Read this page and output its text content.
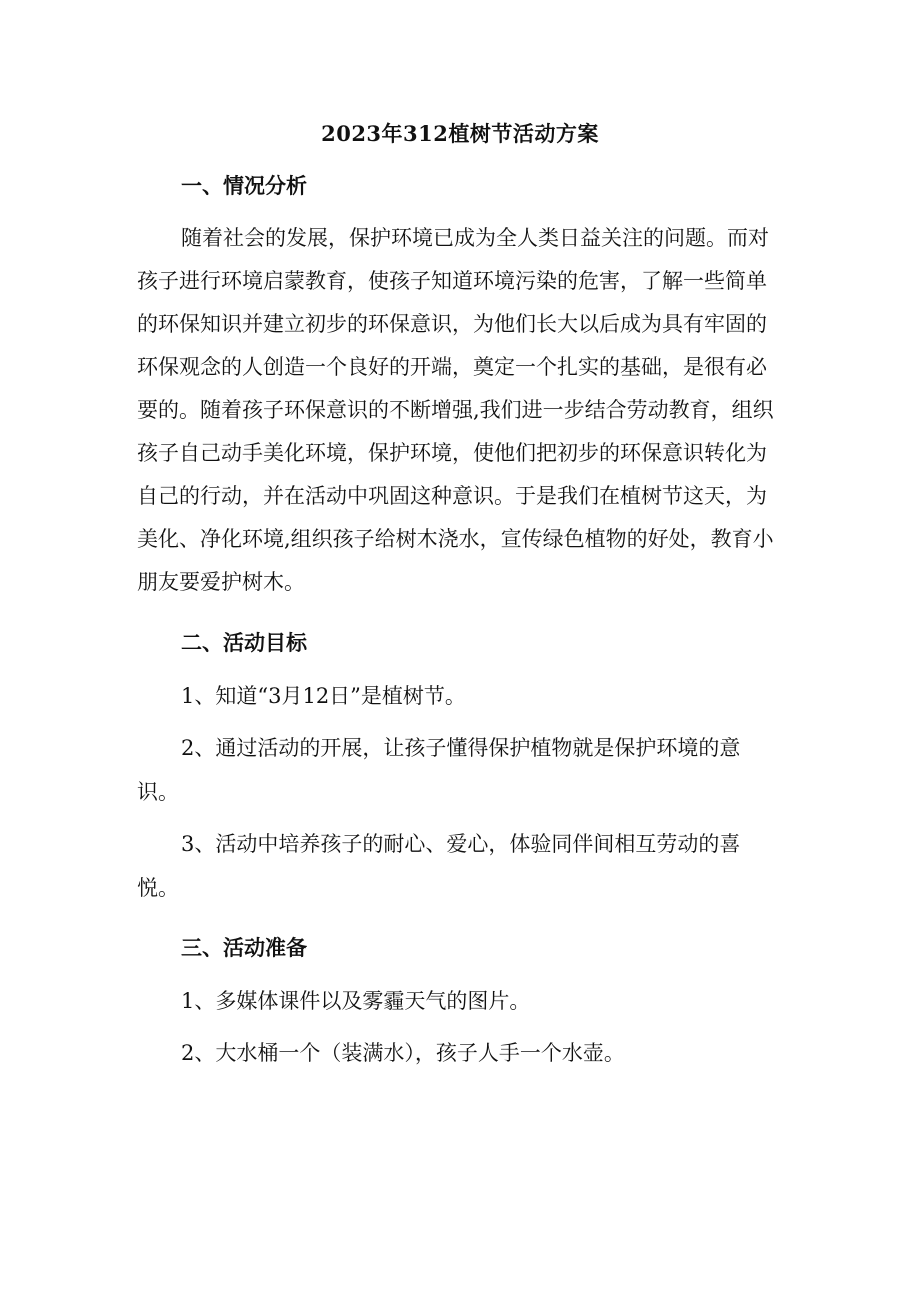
2023年312植树节活动方案
一、情况分析
随着社会的发展，保护环境已成为全人类日益关注的问题。而对
孩子进行环境启蒙教育，使孩子知道环境污染的危害，了解一些简单
的环保知识并建立初步的环保意识，为他们长大以后成为具有牢固的
环保观念的人创造一个良好的开端，奠定一个扎实的基础，是很有必
要的。随着孩子环保意识的不断增强,我们进一步结合劳动教育，组织
孩子自己动手美化环境，保护环境，使他们把初步的环保意识转化为
自己的行动，并在活动中巩固这种意识。于是我们在植树节这天，为
美化、净化环境,组织孩子给树木浇水，宣传绿色植物的好处，教育小
朋友要爱护树木。
二、活动目标
1、知道“3月12日”是植树节。
2、通过活动的开展，让孩子懂得保护植物就是保护环境的意
识。
3、活动中培养孩子的耐心、爱心，体验同伴间相互劳动的喜
悦。
三、活动准备
1、多媒体课件以及雾霾天气的图片。
2、大水桶一个（装满水），孩子人手一个水壶。
